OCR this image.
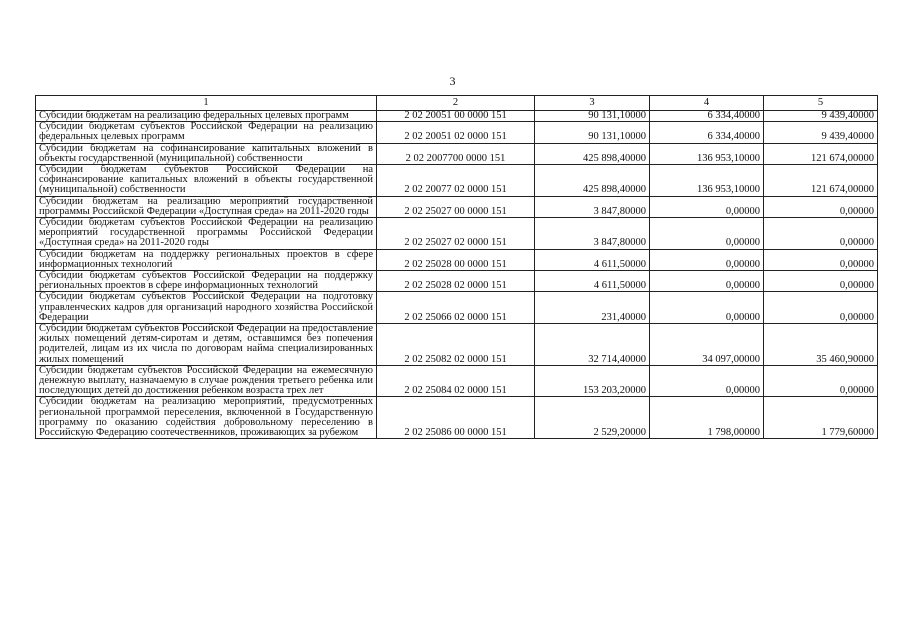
3
1	2	3	4	5
Субсидии бюджетам на реализацию федеральных целевых программ	2 02 20051 00 0000 151	90 131,10000	6 334,40000	9 439,40000
Субсидии бюджетам субъектов Российской Федерации на реализацию федеральных целевых программ	2 02 20051 02 0000 151	90 131,10000	6 334,40000	9 439,40000
Субсидии бюджетам на софинансирование капитальных вложений в объекты государственной (муниципальной) собственности	2 02 2007700 0000 151	425 898,40000	136 953,10000	121 674,00000
Субсидии бюджетам субъектов Российской Федерации на софинансирование капитальных вложений в объекты государственной (муниципальной) собственности	2 02 20077 02 0000 151	425 898,40000	136 953,10000	121 674,00000
Субсидии бюджетам на реализацию мероприятий государственной программы Российской Федерации «Доступная среда» на 2011-2020 годы	2 02 25027 00 0000 151	3 847,80000	0,00000	0,00000
Субсидии бюджетам субъектов Российской Федерации на реализацию мероприятий государственной программы Российской Федерации «Доступная среда» на 2011-2020 годы	2 02 25027 02 0000 151	3 847,80000	0,00000	0,00000
Субсидии бюджетам на поддержку региональных проектов в сфере информационных технологий	2 02 25028 00 0000 151	4 611,50000	0,00000	0,00000
Субсидии бюджетам субъектов Российской Федерации на поддержку региональных проектов в сфере информационных технологий	2 02 25028 02 0000 151	4 611,50000	0,00000	0,00000
Субсидии бюджетам субъектов Российской Федерации на подготовку управленческих кадров для организаций народного хозяйства Российской Федерации	2 02 25066 02 0000 151	231,40000	0,00000	0,00000
Субсидии бюджетам субъектов Российской Федерации на предоставление жилых помещений детям-сиротам и детям, оставшимся без попечения родителей, лицам из их числа по договорам найма специализированных жилых помещений	2 02 25082 02 0000 151	32 714,40000	34 097,00000	35 460,90000
Субсидии бюджетам субъектов Российской Федерации на ежемесячную денежную выплату, назначаемую в случае рождения третьего ребенка или последующих детей до достижения ребенком возраста трех лет	2 02 25084 02 0000 151	153 203,20000	0,00000	0,00000
Субсидии бюджетам на реализацию мероприятий, предусмотренных региональной программой переселения, включенной в Государственную программу по оказанию содействия добровольному переселению в Российскую Федерацию соотечественников, проживающих за рубежом	2 02 25086 00 0000 151	2 529,20000	1 798,00000	1 779,60000
